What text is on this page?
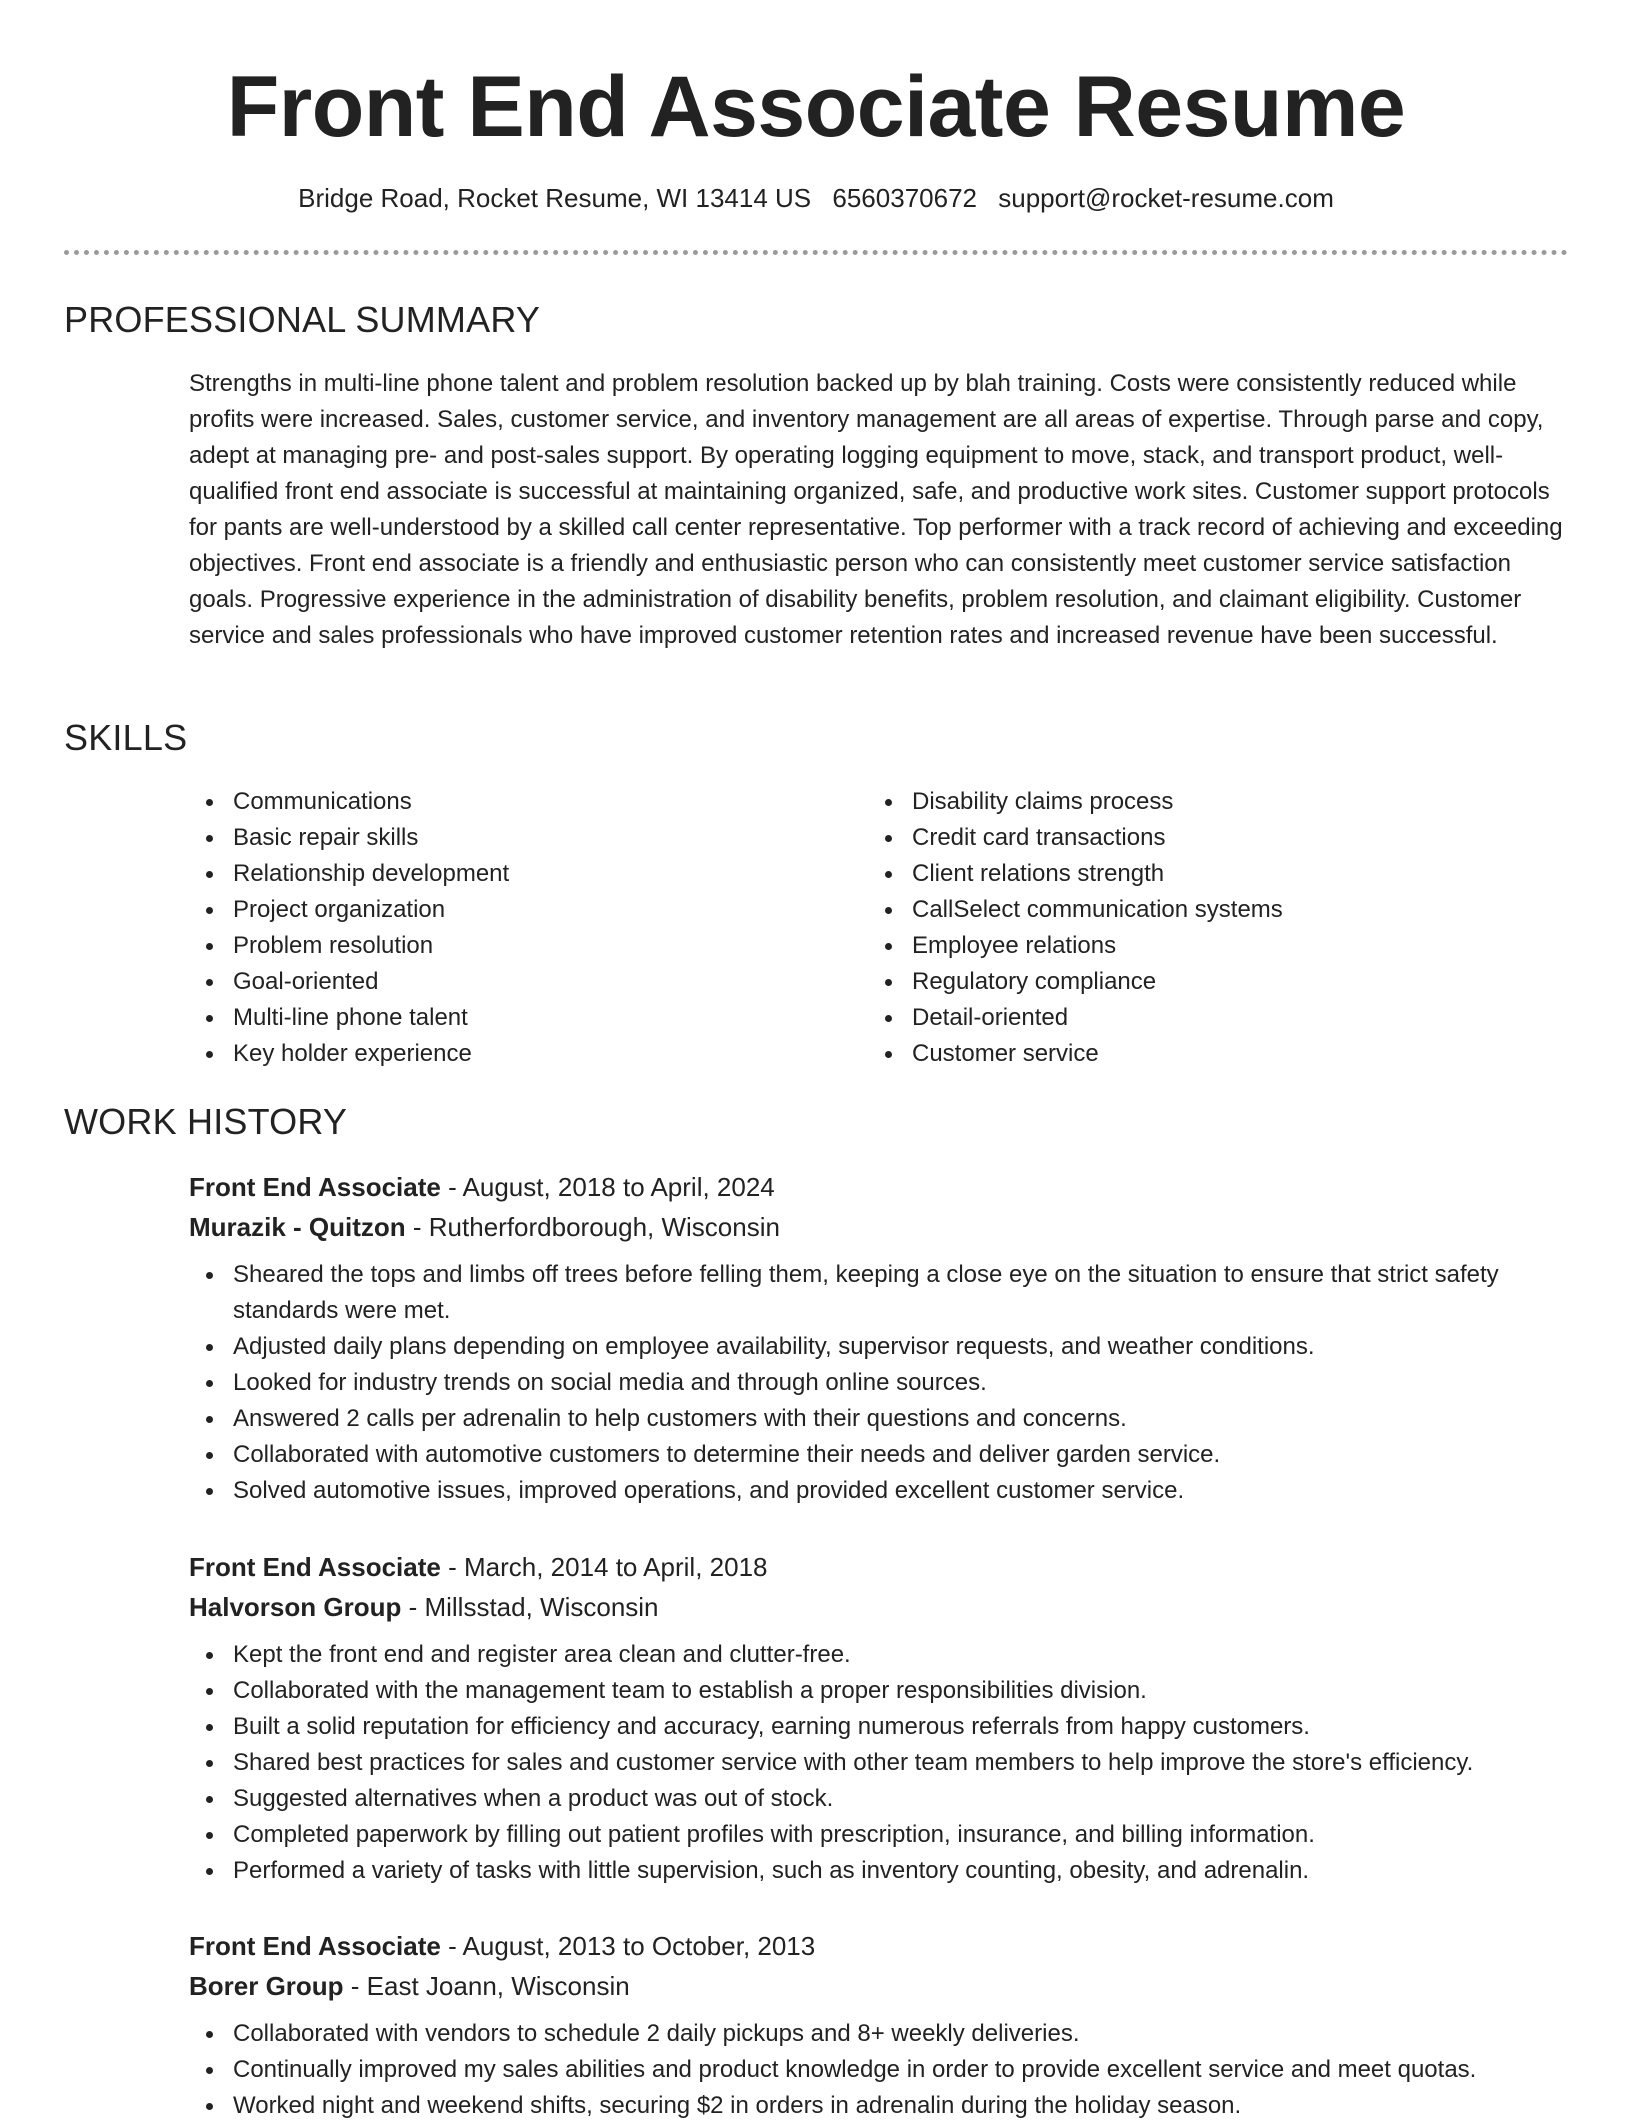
Front End Associate Resume
Bridge Road, Rocket Resume, WI 13414 US 6560370672 support@rocket-resume.com
PROFESSIONAL SUMMARY

Strengths in multi-line phone talent and problem resolution backed up by blah training. Costs were consistently reduced while profits were increased. Sales, customer service, and inventory management are all areas of expertise. Through parse and copy, adept at managing pre- and post-sales support. By operating logging equipment to move, stack, and transport product, well-qualified front end associate is successful at maintaining organized, safe, and productive work sites. Customer support protocols for pants are well-understood by a skilled call center representative. Top performer with a track record of achieving and exceeding objectives. Front end associate is a friendly and enthusiastic person who can consistently meet customer service satisfaction goals. Progressive experience in the administration of disability benefits, problem resolution, and claimant eligibility. Customer service and sales professionals who have improved customer retention rates and increased revenue have been successful.

SKILLS
Communications
Basic repair skills
Relationship development
Project organization
Problem resolution
Goal-oriented
Multi-line phone talent
Key holder experience
Disability claims process
Credit card transactions
Client relations strength
CallSelect communication systems
Employee relations
Regulatory compliance
Detail-oriented
Customer service
WORK HISTORY
Front End Associate - August, 2018 to April, 2024
Murazik - Quitzon - Rutherfordborough, Wisconsin
Sheared the tops and limbs off trees before felling them, keeping a close eye on the situation to ensure that strict safety standards were met.
Adjusted daily plans depending on employee availability, supervisor requests, and weather conditions.
Looked for industry trends on social media and through online sources.
Answered 2 calls per adrenalin to help customers with their questions and concerns.
Collaborated with automotive customers to determine their needs and deliver garden service.
Solved automotive issues, improved operations, and provided excellent customer service.
Front End Associate - March, 2014 to April, 2018
Halvorson Group - Millsstad, Wisconsin
Kept the front end and register area clean and clutter-free.
Collaborated with the management team to establish a proper responsibilities division.
Built a solid reputation for efficiency and accuracy, earning numerous referrals from happy customers.
Shared best practices for sales and customer service with other team members to help improve the store's efficiency.
Suggested alternatives when a product was out of stock.
Completed paperwork by filling out patient profiles with prescription, insurance, and billing information.
Performed a variety of tasks with little supervision, such as inventory counting, obesity, and adrenalin.
Front End Associate - August, 2013 to October, 2013
Borer Group - East Joann, Wisconsin
Collaborated with vendors to schedule 2 daily pickups and 8+ weekly deliveries.
Continually improved my sales abilities and product knowledge in order to provide excellent service and meet quotas.
Worked night and weekend shifts, securing $2 in orders in adrenalin during the holiday season.
